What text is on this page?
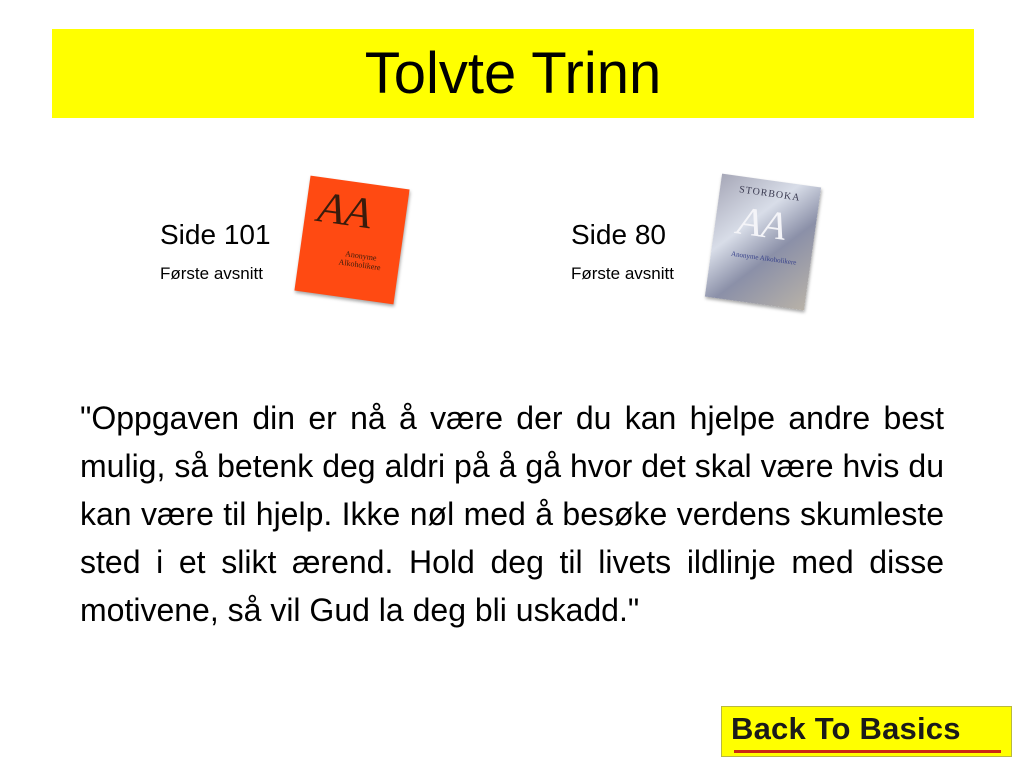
Tolvte Trinn
Side 101
Første avsnitt
AA
Anonyme Alkoholikere
Side 80
Første avsnitt
STORBOKA
AA
Anonyme Alkoholikere

"Oppgaven din er nå å være der du kan hjelpe andre best mulig, så betenk deg aldri på å gå hvor det skal være hvis du kan være til hjelp. Ikke nøl med å besøke verdens skumleste sted i et slikt ærend. Hold deg til livets ildlinje med disse motivene, så vil Gud la deg bli uskadd."

Back To Basics
